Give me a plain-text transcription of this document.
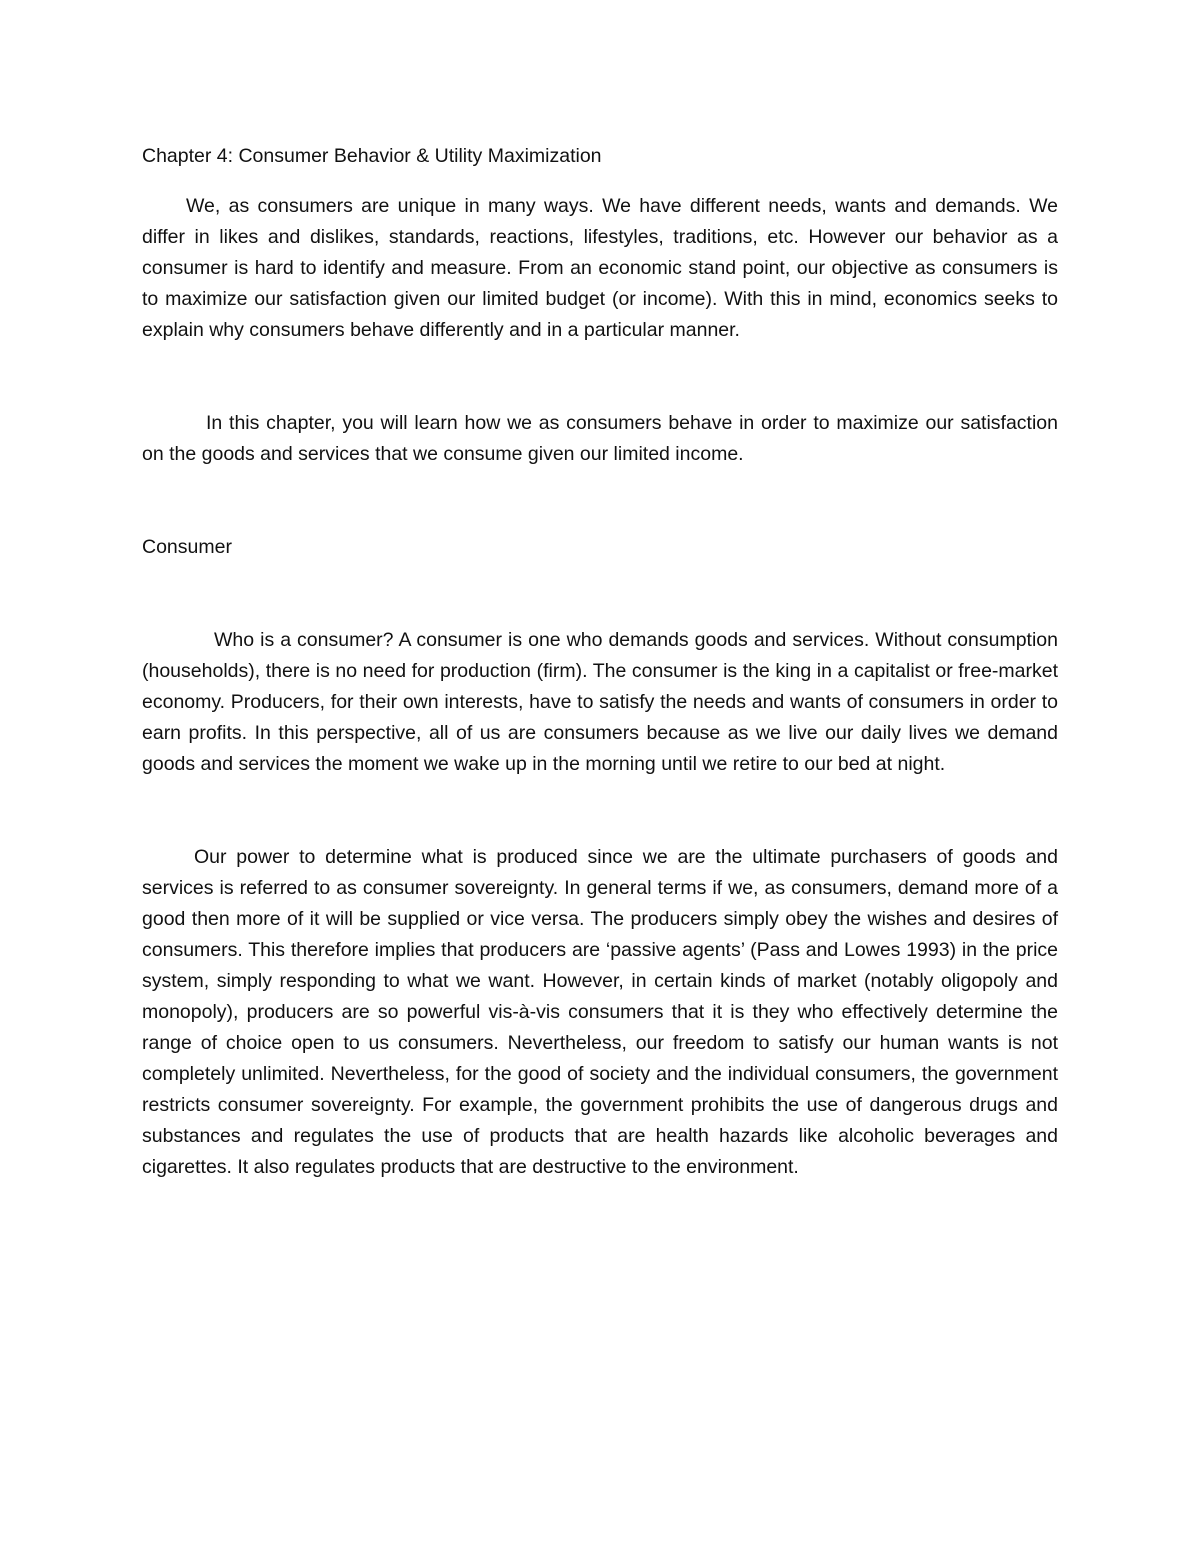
Chapter 4: Consumer Behavior & Utility Maximization

We, as consumers are unique in many ways. We have different needs, wants and demands. We differ in likes and dislikes, standards, reactions, lifestyles, traditions, etc. However our behavior as a consumer is hard to identify and measure. From an economic stand point, our objective as consumers is to maximize our satisfaction given our limited budget (or income). With this in mind, economics seeks to explain why consumers behave differently and in a particular manner.

In this chapter, you will learn how we as consumers behave in order to maximize our satisfaction on the goods and services that we consume given our limited income.

Consumer

Who is a consumer? A consumer is one who demands goods and services. Without consumption (households), there is no need for production (firm). The consumer is the king in a capitalist or free-market economy. Producers, for their own interests, have to satisfy the needs and wants of consumers in order to earn profits. In this perspective, all of us are consumers because as we live our daily lives we demand goods and services the moment we wake up in the morning until we retire to our bed at night.

Our power to determine what is produced since we are the ultimate purchasers of goods and services is referred to as consumer sovereignty. In general terms if we, as consumers, demand more of a good then more of it will be supplied or vice versa. The producers simply obey the wishes and desires of consumers. This therefore implies that producers are ‘passive agents’ (Pass and Lowes 1993) in the price system, simply responding to what we want. However, in certain kinds of market (notably oligopoly and monopoly), producers are so powerful vis-à-vis consumers that it is they who effectively determine the range of choice open to us consumers. Nevertheless, our freedom to satisfy our human wants is not completely unlimited. Nevertheless, for the good of society and the individual consumers, the government restricts consumer sovereignty. For example, the government prohibits the use of dangerous drugs and substances and regulates the use of products that are health hazards like alcoholic beverages and cigarettes. It also regulates products that are destructive to the environment.
